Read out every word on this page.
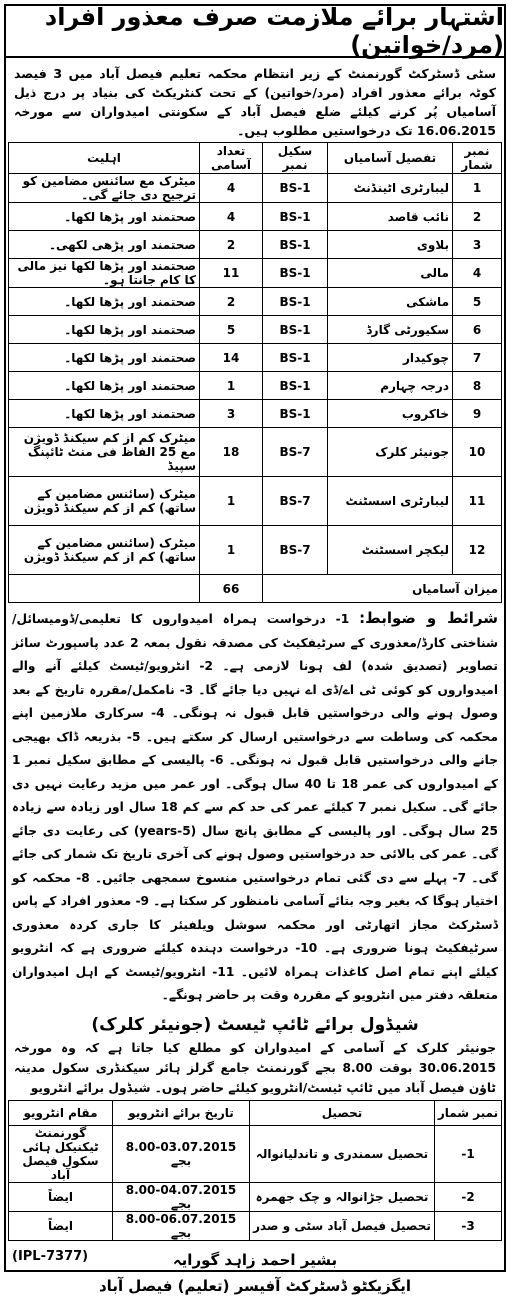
اشتہار برائے ملازمت صرف معذور افراد (مرد/خواتین)
سٹی ڈسٹرکٹ گورنمنٹ کے زیر انتظام محکمہ تعلیم فیصل آباد میں 3 فیصد کوٹہ برائے معذور افراد (مرد/خواتین) کے تحت کنٹریکٹ کی بنیاد پر درج ذیل آسامیاں پُر کرنے کیلئے ضلع فیصل آباد کے سکونتی امیدواران سے مورخہ 16.06.2015 تک درخواستیں مطلوب ہیں۔
نمبر شمار	تفصیل آسامیاں	سکیل نمبر	تعداد آسامی	اہلیت
1	لیبارٹری اٹینڈنٹ	BS-1	4	میٹرک مع سائنس مضامین کو ترجیح دی جائے گی۔
2	نائب قاصد	BS-1	4	صحتمند اور پڑھا لکھا۔
3	بلاوی	BS-1	2	صحتمند اور پڑھی لکھی۔
4	مالی	BS-1	11	صحتمند اور پڑھا لکھا نیز مالی کا کام جانتا ہو۔
5	ماشکی	BS-1	2	صحتمند اور پڑھا لکھا۔
6	سکیورٹی گارڈ	BS-1	5	صحتمند اور پڑھا لکھا۔
7	چوکیدار	BS-1	14	صحتمند اور پڑھا لکھا۔
8	درجہ چہارم	BS-1	1	صحتمند اور پڑھا لکھا۔
9	خاکروب	BS-1	3	صحتمند اور پڑھا لکھا۔
10	جونیئر کلرک	BS-7	18	میٹرک کم از کم سیکنڈ ڈویژن مع 25 الفاظ فی منٹ ٹائپنگ سپیڈ
11	لیبارٹری اسسٹنٹ	BS-7	1	میٹرک (سائنس مضامین کے ساتھ) کم از کم سیکنڈ ڈویژن
12	لیکچر اسسٹنٹ	BS-7	1	میٹرک (سائنس مضامین کے ساتھ) کم از کم سیکنڈ ڈویژن
میزان آسامیاں			66	
شرائط و ضوابط: 1- درخواست ہمراہ امیدواروں کا تعلیمی/ڈومیسائل/شناختی کارڈ/معذوری کے سرٹیفکیٹ کی مصدقہ نقول بمعہ 2 عدد پاسپورٹ سائز تصاویر (تصدیق شدہ) لف ہونا لازمی ہے۔ 2- انٹرویو/ٹیسٹ کیلئے آنے والے امیدواروں کو کوئی ٹی اے/ڈی اے نہیں دیا جائے گا۔ 3- نامکمل/مقررہ تاریخ کے بعد وصول ہونے والی درخواستیں قابل قبول نہ ہونگی۔ 4- سرکاری ملازمین اپنے محکمہ کی وساطت سے درخواستیں ارسال کر سکتے ہیں۔ 5- بذریعہ ڈاک بھیجی جانے والی درخواستیں قابل قبول نہ ہونگی۔ 6- پالیسی کے مطابق سکیل نمبر 1 کے امیدواروں کی عمر 18 تا 40 سال ہوگی۔ اور عمر میں مزید رعایت نہیں دی جائے گی۔ سکیل نمبر 7 کیلئے عمر کی حد کم سے کم 18 سال اور زیادہ سے زیادہ 25 سال ہوگی۔ اور پالیسی کے مطابق پانچ سال (5-years) کی رعایت دی جائے گی۔ عمر کی بالائی حد درخواستیں وصول ہونے کی آخری تاریخ تک شمار کی جائے گی۔ 7- پہلے سے دی گئی تمام درخواستیں منسوخ سمجھی جائیں۔ 8- محکمہ کو اختیار ہوگا کہ بغیر وجہ بتائے آسامی نامنظور کر سکتا ہے۔ 9- معذور افراد کے پاس ڈسٹرکٹ مجاز اتھارٹی اور محکمہ سوشل ویلفیئر کا جاری کردہ معذوری سرٹیفکیٹ ہونا ضروری ہے۔ 10- درخواست دہندہ کیلئے ضروری ہے کہ انٹرویو کیلئے اپنے تمام اصل کاغذات ہمراہ لائیں۔ 11- انٹرویو/ٹیسٹ کے اہل امیدواران متعلقہ دفتر میں انٹرویو کے مقررہ وقت پر حاضر ہونگے۔
شیڈول برائے ٹائپ ٹیسٹ (جونیئر کلرک)
جونیئر کلرک کے آسامی کے امیدواران کو مطلع کیا جاتا ہے کہ وہ مورخہ 30.06.2015 بوقت 8.00 بجے گورنمنٹ جامع گرلز ہائر سیکنڈری سکول مدینہ ٹاؤن فیصل آباد میں ٹائپ ٹیسٹ/انٹرویو کیلئے حاضر ہوں۔ شیڈول برائے انٹرویو
نمبر شمار	تحصیل	تاریخ برائے انٹرویو	مقام انٹرویو
1-	تحصیل سمندری و تاندلیانوالہ	8.00-03.07.2015 بجے	گورنمنٹ ٹیکنیکل ہائی سکول فیصل آباد
2-	تحصیل جڑانوالہ و چک جھمرہ	8.00-04.07.2015 بجے	ایضاً
3-	تحصیل فیصل آباد سٹی و صدر	8.00-06.07.2015 بجے	ایضاً
بشیر احمد زاہد گورایہ
ایگزیکٹو ڈسٹرکٹ آفیسر (تعلیم) فیصل آباد
(IPL-7377)
